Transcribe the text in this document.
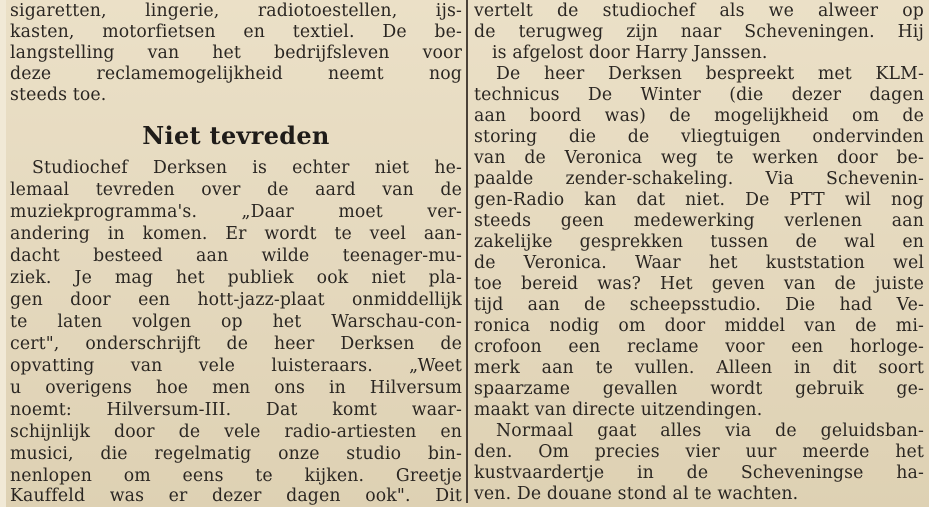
sigaretten, lingerie, radiotoestellen, ijs-
kasten, motorfietsen en textiel. De be-
langstelling van het bedrijfsleven voor
deze reclamemogelijkheid neemt nog
steeds toe.
Niet tevreden
Studiochef Derksen is echter niet he-
lemaal tevreden over de aard van de
muziekprogramma's. „Daar moet ver-
andering in komen. Er wordt te veel aan-
dacht besteed aan wilde teenager-mu-
ziek. Je mag het publiek ook niet pla-
gen door een hott-jazz-plaat onmiddellijk
te laten volgen op het Warschau-con-
cert", onderschrijft de heer Derksen de
opvatting van vele luisteraars. „Weet
u overigens hoe men ons in Hilversum
noemt: Hilversum-III. Dat komt waar-
schijnlijk door de vele radio-artiesten en
musici, die regelmatig onze studio bin-
nenlopen om eens te kijken. Greetje
Kauffeld was er dezer dagen ook". Dit
vertelt de studiochef als we alweer op
de terugweg zijn naar Scheveningen. Hij
is afgelost door Harry Janssen.
De heer Derksen bespreekt met KLM-
technicus De Winter (die dezer dagen
aan boord was) de mogelijkheid om de
storing die de vliegtuigen ondervinden
van de Veronica weg te werken door be-
paalde zender-schakeling. Via Schevenin-
gen-Radio kan dat niet. De PTT wil nog
steeds geen medewerking verlenen aan
zakelijke gesprekken tussen de wal en
de Veronica. Waar het kuststation wel
toe bereid was? Het geven van de juiste
tijd aan de scheepsstudio. Die had Ve-
ronica nodig om door middel van de mi-
crofoon een reclame voor een horloge-
merk aan te vullen. Alleen in dit soort
spaarzame gevallen wordt gebruik ge-
maakt van directe uitzendingen.
Normaal gaat alles via de geluidsban-
den. Om precies vier uur meerde het
kustvaardertje in de Scheveningse ha-
ven. De douane stond al te wachten.
